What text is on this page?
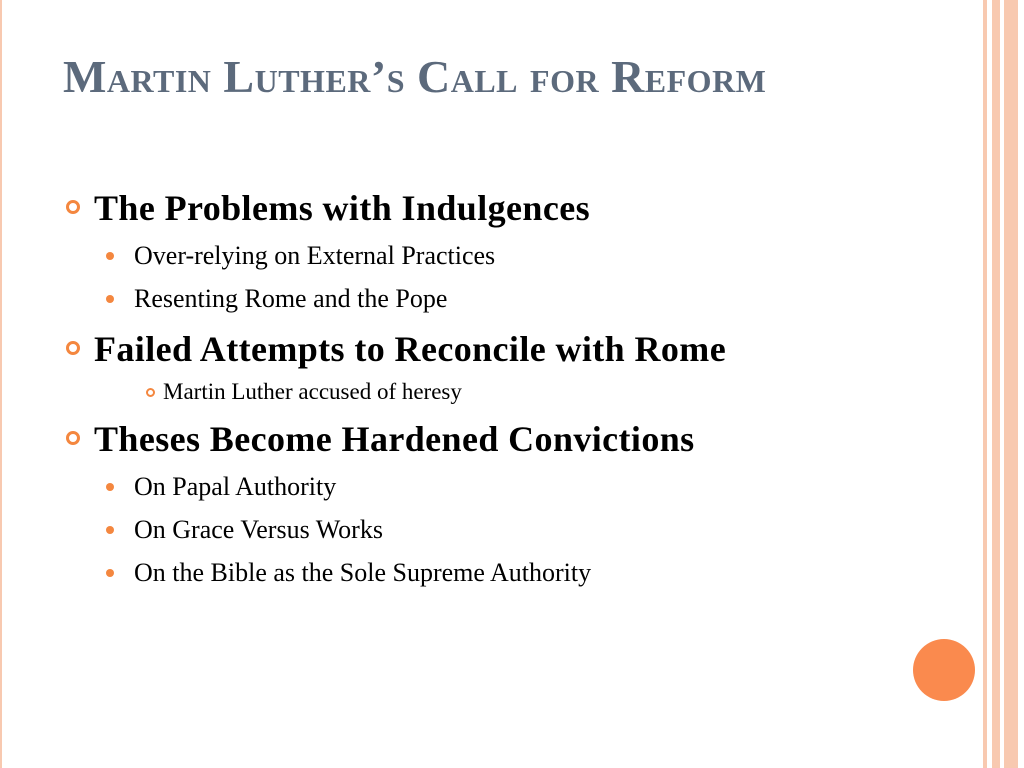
Martin Luther’s Call for Reform
The Problems with Indulgences
Over-relying on External Practices
Resenting Rome and the Pope
Failed Attempts to Reconcile with Rome
Martin Luther accused of heresy
Theses Become Hardened Convictions
On Papal Authority
On Grace Versus Works
On the Bible as the Sole Supreme Authority
